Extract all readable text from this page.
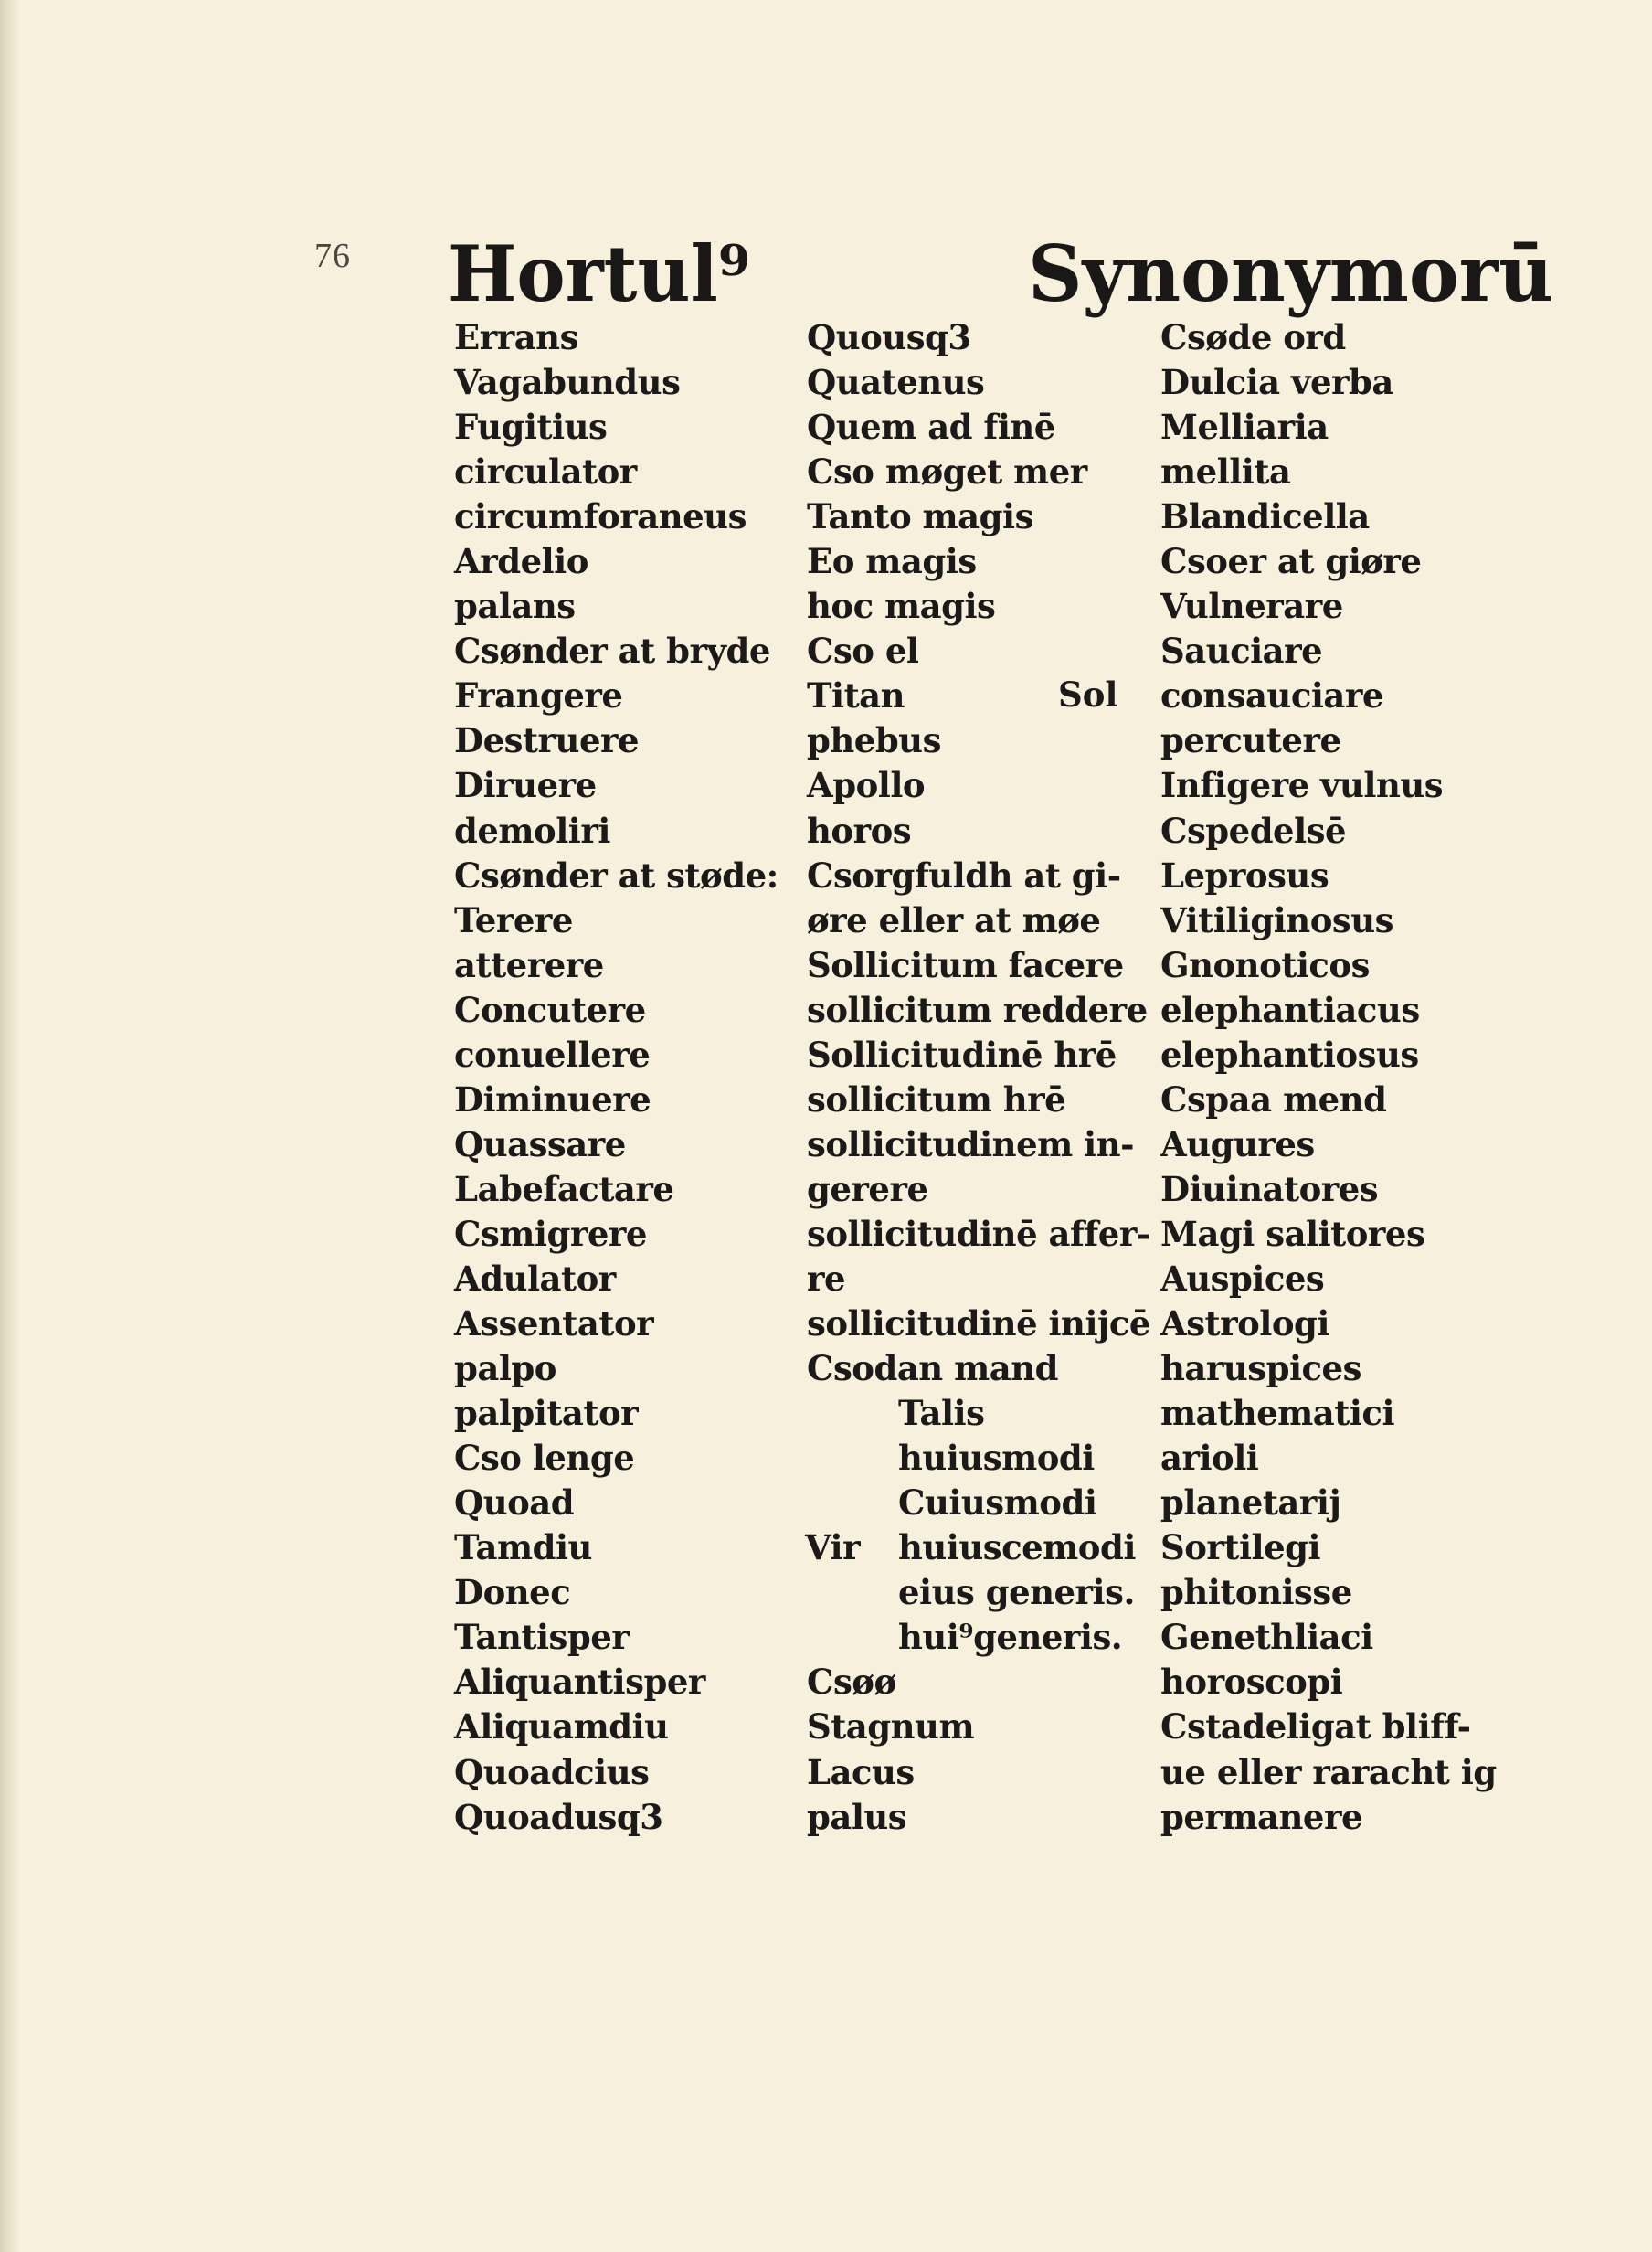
76 Hortul⁹	Synonymorū
Errans
Vagabundus
Fugitius
circulator
circumforaneus
Ardelio
palans
Csønder at bryde
Frangere
Destruere
Diruere
demoliri
Csønder at støde:
Terere
atterere
Concutere
conuellere
Diminuere
Quassare
Labefactare
Csmigrere
Adulator
Assentator
palpo
palpitator
Cso lenge
Quoad
Tamdiu
Donec
Tantisper
Aliquantisper
Aliquamdiu
Quoadcius
Quoadusq3
Quousq3
Quatenus
Quem ad finē
Cso møget mer
Tanto magis
Eo magis
hoc magis
Cso el
Titan
phebus
Apollo
horos
Csorgfuldh at gi-
øre eller at møe
Sollicitum facere
sollicitum reddere
Sollicitudinē hrē
sollicitum hrē
sollicitudinem in-
gerere
sollicitudinē affer-
re
sollicitudinē inijcē
Csodan mand
Talis
huiusmodi
Cuiusmodi
Vir huiuscemodi
eius generis.
hui⁹generis.
Csøø
Stagnum
Lacus
palus
Sol
Csøde ord
Dulcia verba
Melliaria
mellita
Blandicella
Csoer at giøre
Vulnerare
Sauciare
consauciare
percutere
Infigere vulnus
Cspedelsē
Leprosus
Vitiliginosus
Gnonoticos
elephantiacus
elephantiosus
Cspaa mend
Augures
Diuinatores
Magi salitores
Auspices
Astrologi
haruspices
mathematici
arioli
planetarij
Sortilegi
phitonisse
Genethliaci
horoscopi
Cstadeligat bliff-
ue eller raracht ig
permanere
